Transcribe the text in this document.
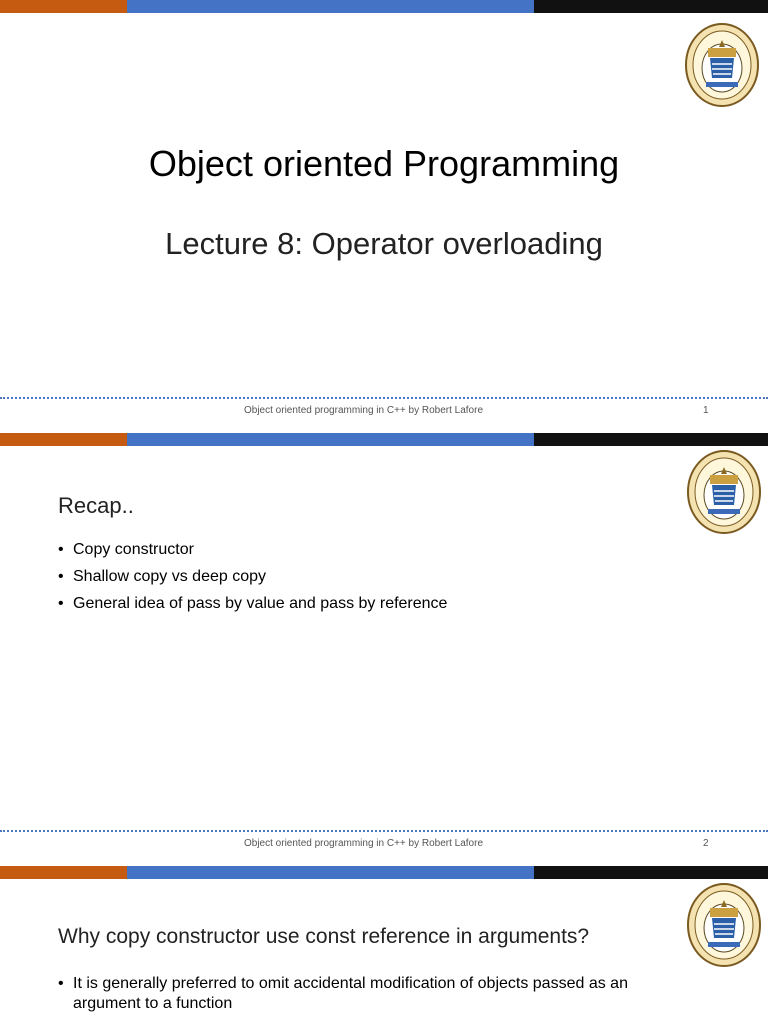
Object oriented Programming
Lecture 8: Operator overloading
Object oriented programming in C++ by Robert Lafore	1
Recap..
• Copy constructor
• Shallow copy vs deep copy
• General idea of pass by value and pass by reference
Object oriented programming in C++ by Robert Lafore	2
Why copy constructor use const reference in arguments?
• It is generally preferred to omit accidental modification of objects passed as an argument to a function
